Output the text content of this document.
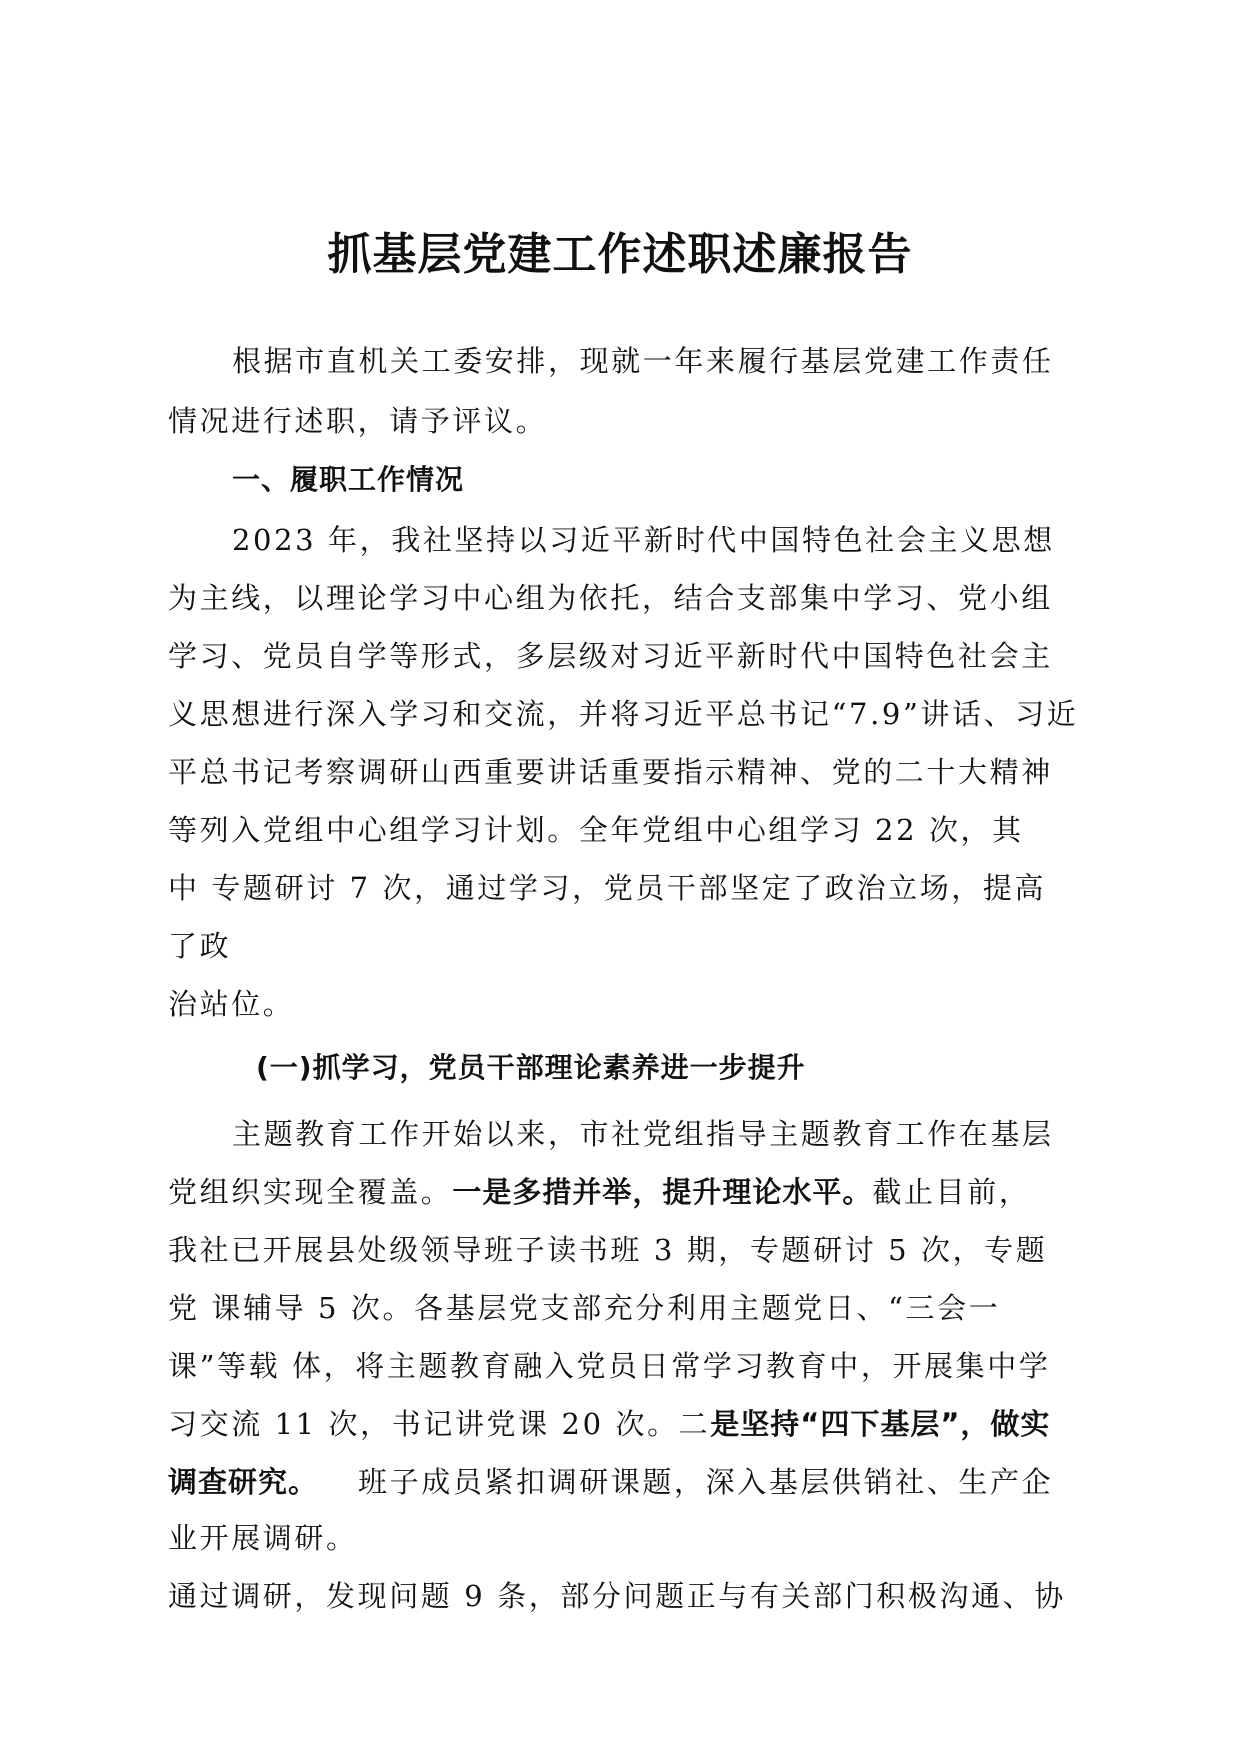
抓基层党建工作述职述廉报告
根据市直机关工委安排，现就一年来履行基层党建工作责任
情况进行述职，请予评议。
一、履职工作情况
2023 年，我社坚持以习近平新时代中国特色社会主义思想
为主线，以理论学习中心组为依托，结合支部集中学习、党小组
学习、党员自学等形式，多层级对习近平新时代中国特色社会主
义思想进行深入学习和交流，并将习近平总书记“7.9”讲话、习近
平总书记考察调研山西重要讲话重要指示精神、党的二十大精神
等列入党组中心组学习计划。全年党组中心组学习 22 次，其
中 专题研讨 7 次，通过学习，党员干部坚定了政治立场，提高
了政
治站位。
(一)抓学习，党员干部理论素养进一步提升
主题教育工作开始以来，市社党组指导主题教育工作在基层
党组织实现全覆盖。一是多措并举，提升理论水平。截止目前，
我社已开展县处级领导班子读书班 3 期，专题研讨 5 次，专题
党 课辅导 5 次。各基层党支部充分利用主题党日、“三会一
课”等载 体，将主题教育融入党员日常学习教育中，开展集中学
习交流 11 次，书记讲党课 20 次。二是坚持“四下基层”，做实
调查研究。 班子成员紧扣调研课题，深入基层供销社、生产企
业开展调研。
通过调研，发现问题 9 条，部分问题正与有关部门积极沟通、协
